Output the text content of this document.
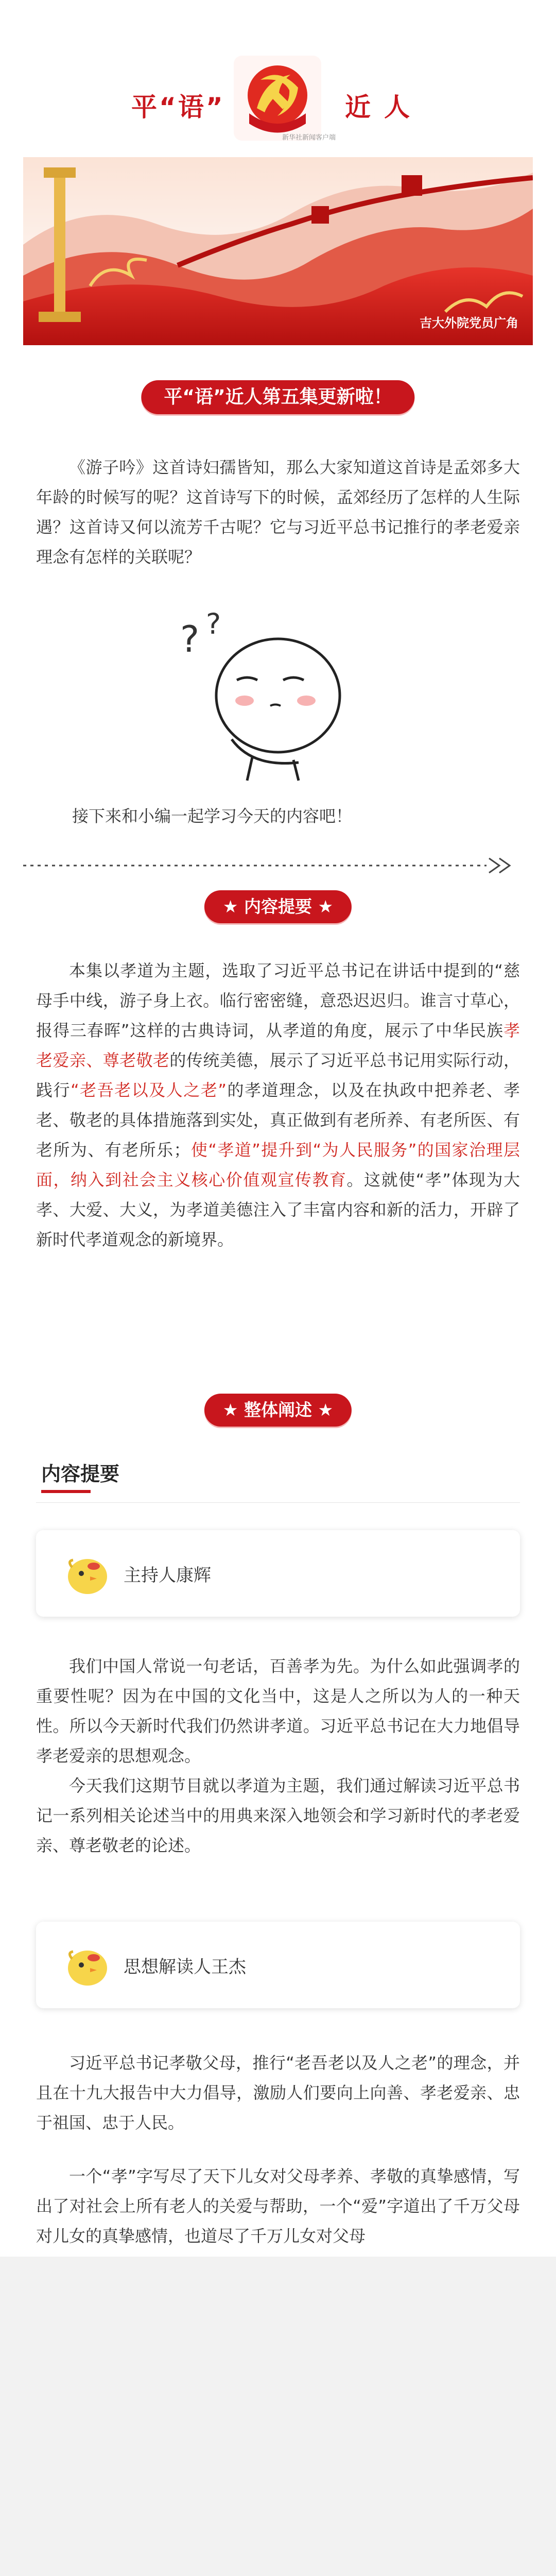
平“语”	近人
新华社新闻客户端
吉大外院党员广角
平“语”近人第五集更新啦！
《游子吟》这首诗妇孺皆知，那么大家知道这首诗是孟郊多大年龄的时候写的呢？这首诗写下的时候，孟郊经历了怎样的人生际遇？这首诗又何以流芳千古呢？它与习近平总书记推行的孝老爱亲理念有怎样的关联呢？
? ?
接下来和小编一起学习今天的内容吧！
★ 内容提要 ★
本集以孝道为主题，选取了习近平总书记在讲话中提到的“慈母手中线，游子身上衣。临行密密缝，意恐迟迟归。谁言寸草心，报得三春晖”这样的古典诗词，从孝道的角度，展示了中华民族孝老爱亲、尊老敬老的传统美德，展示了习近平总书记用实际行动，践行“老吾老以及人之老”的孝道理念，以及在执政中把养老、孝老、敬老的具体措施落到实处，真正做到有老所养、有老所医、有老所为、有老所乐；使“孝道”提升到“为人民服务”的国家治理层面，纳入到社会主义核心价值观宣传教育。这就使“孝”体现为大孝、大爱、大义，为孝道美德注入了丰富内容和新的活力，开辟了新时代孝道观念的新境界。
★ 整体阐述 ★
内容提要
主持人康辉
我们中国人常说一句老话，百善孝为先。为什么如此强调孝的重要性呢？因为在中国的文化当中，这是人之所以为人的一种天性。所以今天新时代我们仍然讲孝道。习近平总书记在大力地倡导孝老爱亲的思想观念。
今天我们这期节目就以孝道为主题，我们通过解读习近平总书记一系列相关论述当中的用典来深入地领会和学习新时代的孝老爱亲、尊老敬老的论述。
思想解读人王杰
习近平总书记孝敬父母，推行“老吾老以及人之老”的理念，并且在十九大报告中大力倡导，激励人们要向上向善、孝老爱亲、忠于祖国、忠于人民。
一个“孝”字写尽了天下儿女对父母孝养、孝敬的真挚感情，写出了对社会上所有老人的关爱与帮助，一个“爱”字道出了千万父母对儿女的真挚感情，也道尽了千万儿女对父母
